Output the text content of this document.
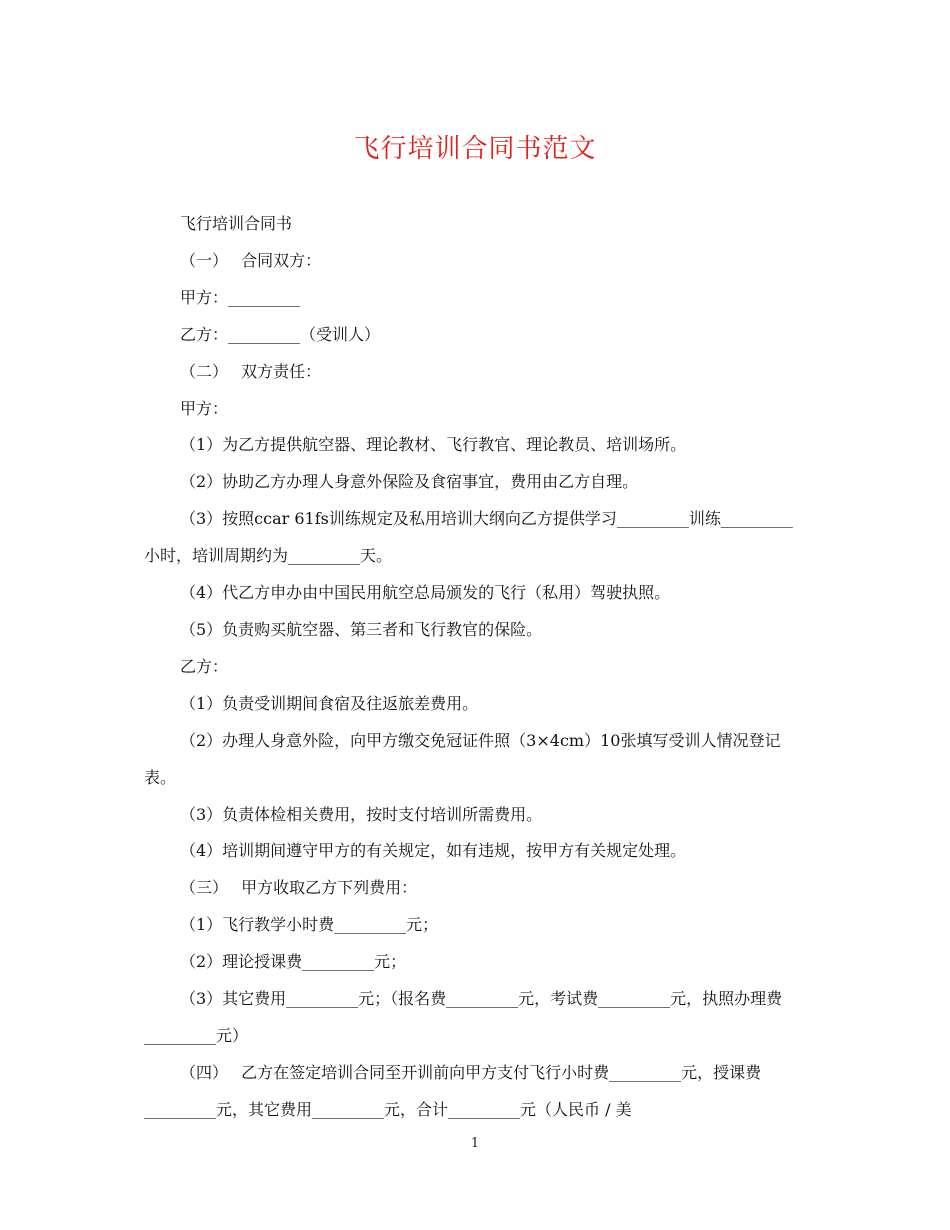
飞行培训合同书范文

飞行培训合同书

（一）　 合同双方：

甲方：_________

乙方：_________（受训人）

（二）　 双方责任：

甲方：

（1）为乙方提供航空器、理论教材、飞行教官、理论教员、培训场所。

（2）协助乙方办理人身意外保险及食宿事宜，费用由乙方自理。

（3）按照ccar 61fs训练规定及私用培训大纲向乙方提供学习_________训练_________小时，培训周期约为_________天。

（4）代乙方申办由中国民用航空总局颁发的飞行（私用）驾驶执照。

（5）负责购买航空器、第三者和飞行教官的保险。

乙方：

（1）负责受训期间食宿及往返旅差费用。

（2）办理人身意外险，向甲方缴交免冠证件照（3×4cm）10张填写受训人情况登记表。

（3）负责体检相关费用，按时支付培训所需费用。

（4）培训期间遵守甲方的有关规定，如有违规，按甲方有关规定处理。

（三）　 甲方收取乙方下列费用：

（1）飞行教学小时费_________元；

（2）理论授课费_________元；

（3）其它费用_________元；（报名费_________元，考试费_________元，执照办理费_________元）

（四）　 乙方在签定培训合同至开训前向甲方支付飞行小时费_________元，授课费_________元，其它费用_________元，合计_________元（人民币 / 美

1
